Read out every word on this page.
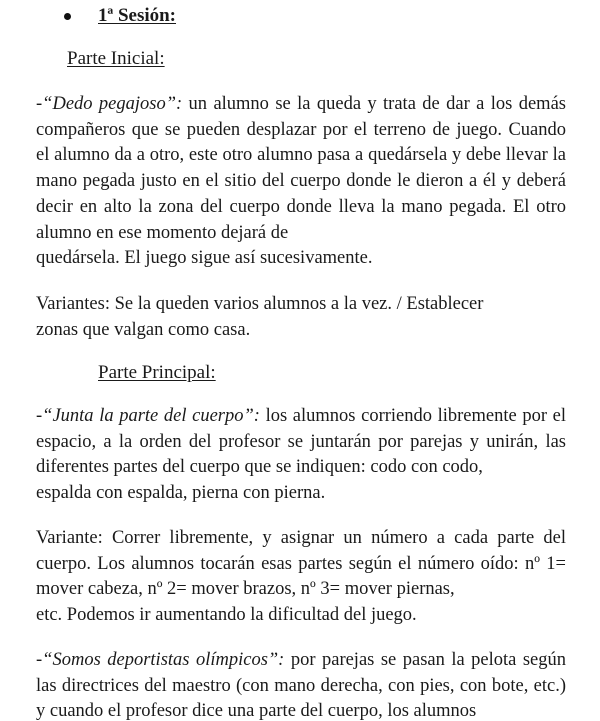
1ª Sesión:
Parte Inicial:

-“Dedo pegajoso”: un alumno se la queda y trata de dar a los demás compañeros que se pueden desplazar por el terreno de juego. Cuando el alumno da a otro, este otro alumno pasa a quedársela y debe llevar la mano pegada justo en el sitio del cuerpo donde le dieron a él y deberá decir en alto la zona del cuerpo donde lleva la mano pegada. El otro alumno en ese momento dejará de
quedársela. El juego sigue así sucesivamente.

Variantes: Se la queden varios alumnos a la vez. / Establecer
zonas que valgan como casa.

Parte Principal:

-“Junta la parte del cuerpo”: los alumnos corriendo libremente por el espacio, a la orden del profesor se juntarán por parejas y unirán, las diferentes partes del cuerpo que se indiquen: codo con codo,
espalda con espalda, pierna con pierna.

Variante: Correr libremente, y asignar un número a cada parte del cuerpo. Los alumnos tocarán esas partes según el número oído: nº 1= mover cabeza, nº 2= mover brazos, nº 3= mover piernas,
etc. Podemos ir aumentando la dificultad del juego.

-“Somos deportistas olímpicos”: por parejas se pasan la pelota según las directrices del maestro (con mano derecha, con pies, con bote, etc.) y cuando el profesor dice una parte del cuerpo, los alumnos
